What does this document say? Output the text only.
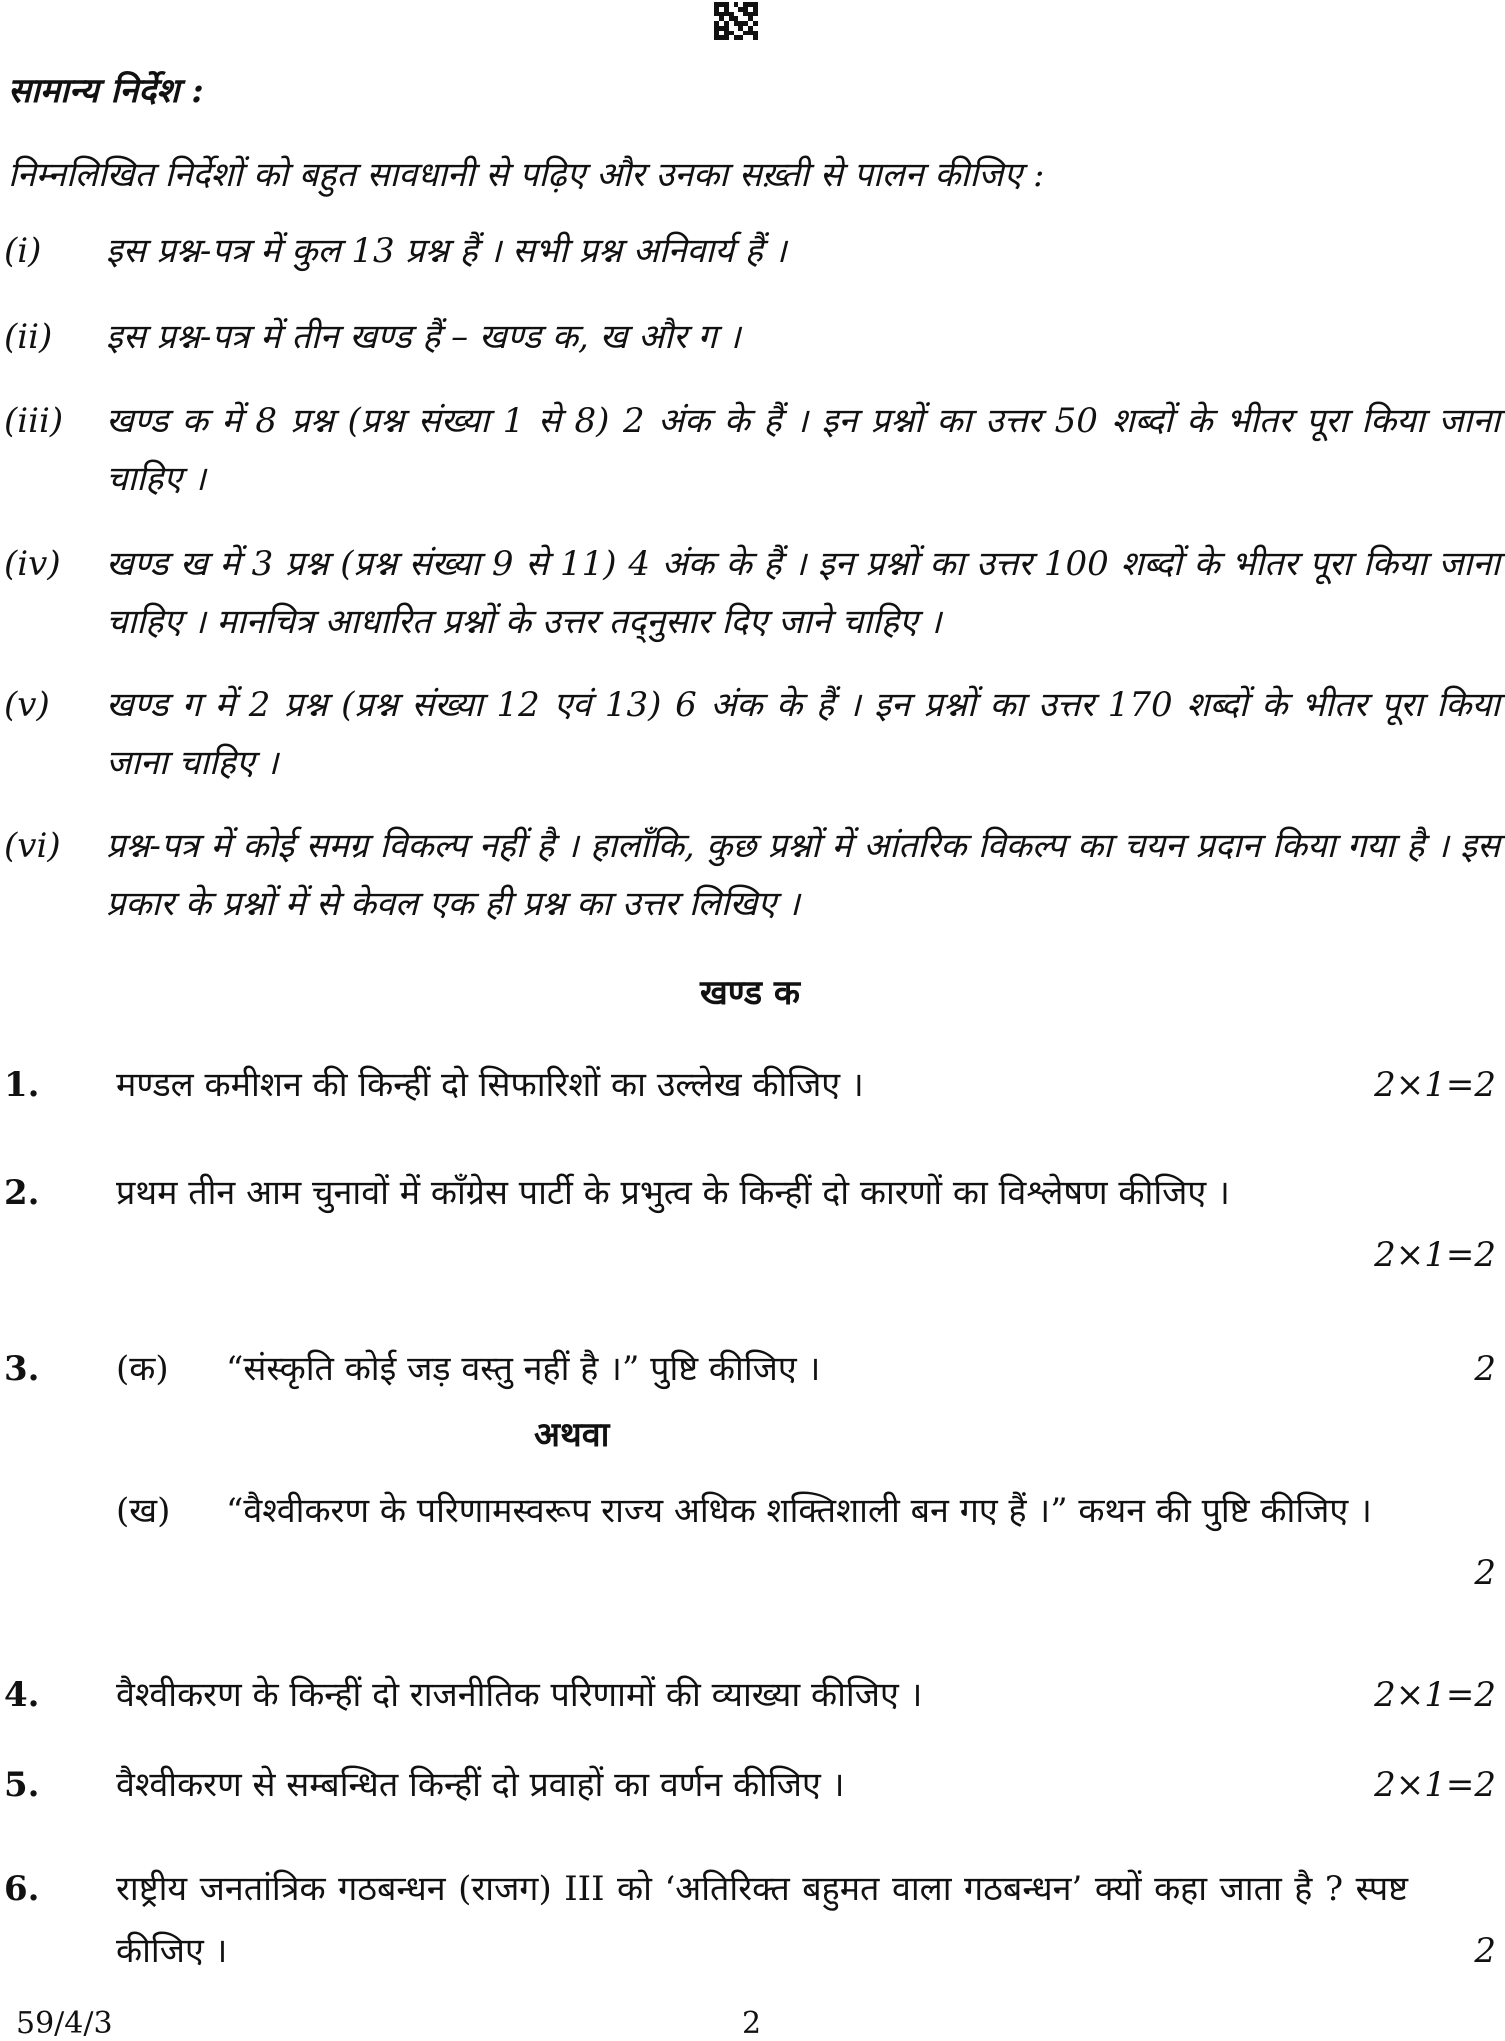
सामान्य निर्देश :
निम्नलिखित निर्देशों को बहुत सावधानी से पढ़िए और उनका सख़्ती से पालन कीजिए :
(i)	इस प्रश्न-पत्र में कुल 13 प्रश्न हैं । सभी प्रश्न अनिवार्य हैं ।
(ii)	इस प्रश्न-पत्र में तीन खण्ड हैं – खण्ड क, ख और ग ।
(iii)	खण्ड क में 8 प्रश्न (प्रश्न संख्या 1 से 8) 2 अंक के हैं । इन प्रश्नों का उत्तर 50 शब्दों के भीतर पूरा किया जाना चाहिए ।
(iv)	खण्ड ख में 3 प्रश्न (प्रश्न संख्या 9 से 11) 4 अंक के हैं । इन प्रश्नों का उत्तर 100 शब्दों के भीतर पूरा किया जाना चाहिए । मानचित्र आधारित प्रश्नों के उत्तर तद्नुसार दिए जाने चाहिए ।
(v)	खण्ड ग में 2 प्रश्न (प्रश्न संख्या 12 एवं 13) 6 अंक के हैं । इन प्रश्नों का उत्तर 170 शब्दों के भीतर पूरा किया जाना चाहिए ।
(vi)	प्रश्न-पत्र में कोई समग्र विकल्प नहीं है । हालाँकि, कुछ प्रश्नों में आंतरिक विकल्प का चयन प्रदान किया गया है । इस प्रकार के प्रश्नों में से केवल एक ही प्रश्न का उत्तर लिखिए ।
खण्ड क
1. मण्डल कमीशन की किन्हीं दो सिफारिशों का उल्लेख कीजिए ।	2×1=2
2. प्रथम तीन आम चुनावों में काँग्रेस पार्टी के प्रभुत्व के किन्हीं दो कारणों का विश्लेषण कीजिए ।
2×1=2
3. (क) “संस्कृति कोई जड़ वस्तु नहीं है ।” पुष्टि कीजिए ।	2
अथवा
(ख) “वैश्वीकरण के परिणामस्वरूप राज्य अधिक शक्तिशाली बन गए हैं ।” कथन की पुष्टि कीजिए ।
2
4. वैश्वीकरण के किन्हीं दो राजनीतिक परिणामों की व्याख्या कीजिए ।	2×1=2
5. वैश्वीकरण से सम्बन्धित किन्हीं दो प्रवाहों का वर्णन कीजिए ।	2×1=2
6. राष्ट्रीय जनतांत्रिक गठबन्धन (राजग) III को ‘अतिरिक्त बहुमत वाला गठबन्धन’ क्यों कहा जाता है ? स्पष्ट कीजिए ।	2
59/4/3	2
